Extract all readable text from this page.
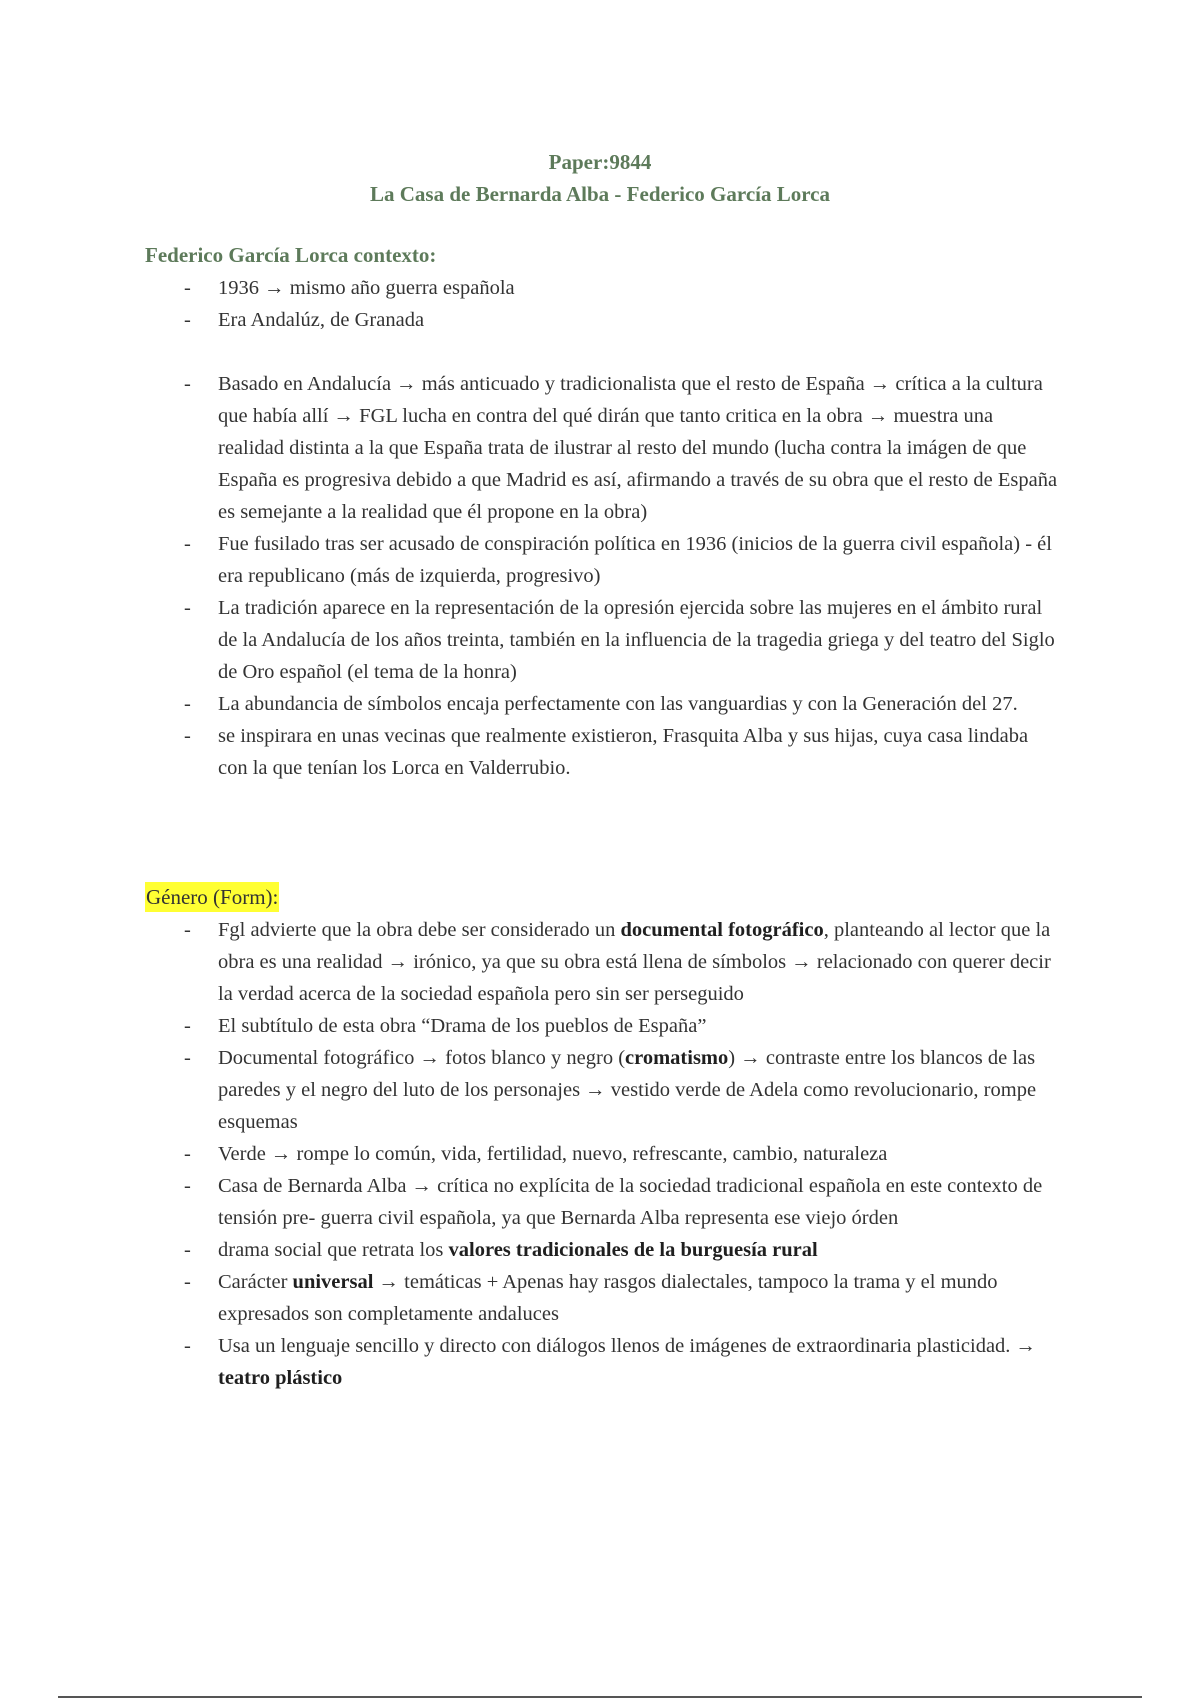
Paper:9844
La Casa de Bernarda Alba - Federico García Lorca
Federico García Lorca contexto:
- 1936 → mismo año guerra española
- Era Andalúz, de Granada
- Basado en Andalucía → más anticuado y tradicionalista que el resto de España → crítica a la cultura que había allí → FGL lucha en contra del qué dirán que tanto critica en la obra → muestra una realidad distinta a la que España trata de ilustrar al resto del mundo (lucha contra la imágen de que España es progresiva debido a que Madrid es así, afirmando a través de su obra que el resto de España es semejante a la realidad que él propone en la obra)
- Fue fusilado tras ser acusado de conspiración política en 1936 (inicios de la guerra civil española) - él era republicano (más de izquierda, progresivo)
- La tradición aparece en la representación de la opresión ejercida sobre las mujeres en el ámbito rural de la Andalucía de los años treinta, también en la influencia de la tragedia griega y del teatro del Siglo de Oro español (el tema de la honra)
- La abundancia de símbolos encaja perfectamente con las vanguardias y con la Generación del 27.
- se inspirara en unas vecinas que realmente existieron, Frasquita Alba y sus hijas, cuya casa lindaba con la que tenían los Lorca en Valderrubio.
Género (Form):
- Fgl advierte que la obra debe ser considerado un documental fotográfico, planteando al lector que la obra es una realidad → irónico, ya que su obra está llena de símbolos → relacionado con querer decir la verdad acerca de la sociedad española pero sin ser perseguido
- El subtítulo de esta obra “Drama de los pueblos de España”
- Documental fotográfico → fotos blanco y negro (cromatismo) → contraste entre los blancos de las paredes y el negro del luto de los personajes → vestido verde de Adela como revolucionario, rompe esquemas
- Verde → rompe lo común, vida, fertilidad, nuevo, refrescante, cambio, naturaleza
- Casa de Bernarda Alba → crítica no explícita de la sociedad tradicional española en este contexto de tensión pre- guerra civil española, ya que Bernarda Alba representa ese viejo órden
- drama social que retrata los valores tradicionales de la burguesía rural
- Carácter universal → temáticas + Apenas hay rasgos dialectales, tampoco la trama y el mundo expresados son completamente andaluces
- Usa un lenguaje sencillo y directo con diálogos llenos de imágenes de extraordinaria plasticidad. → teatro plástico
